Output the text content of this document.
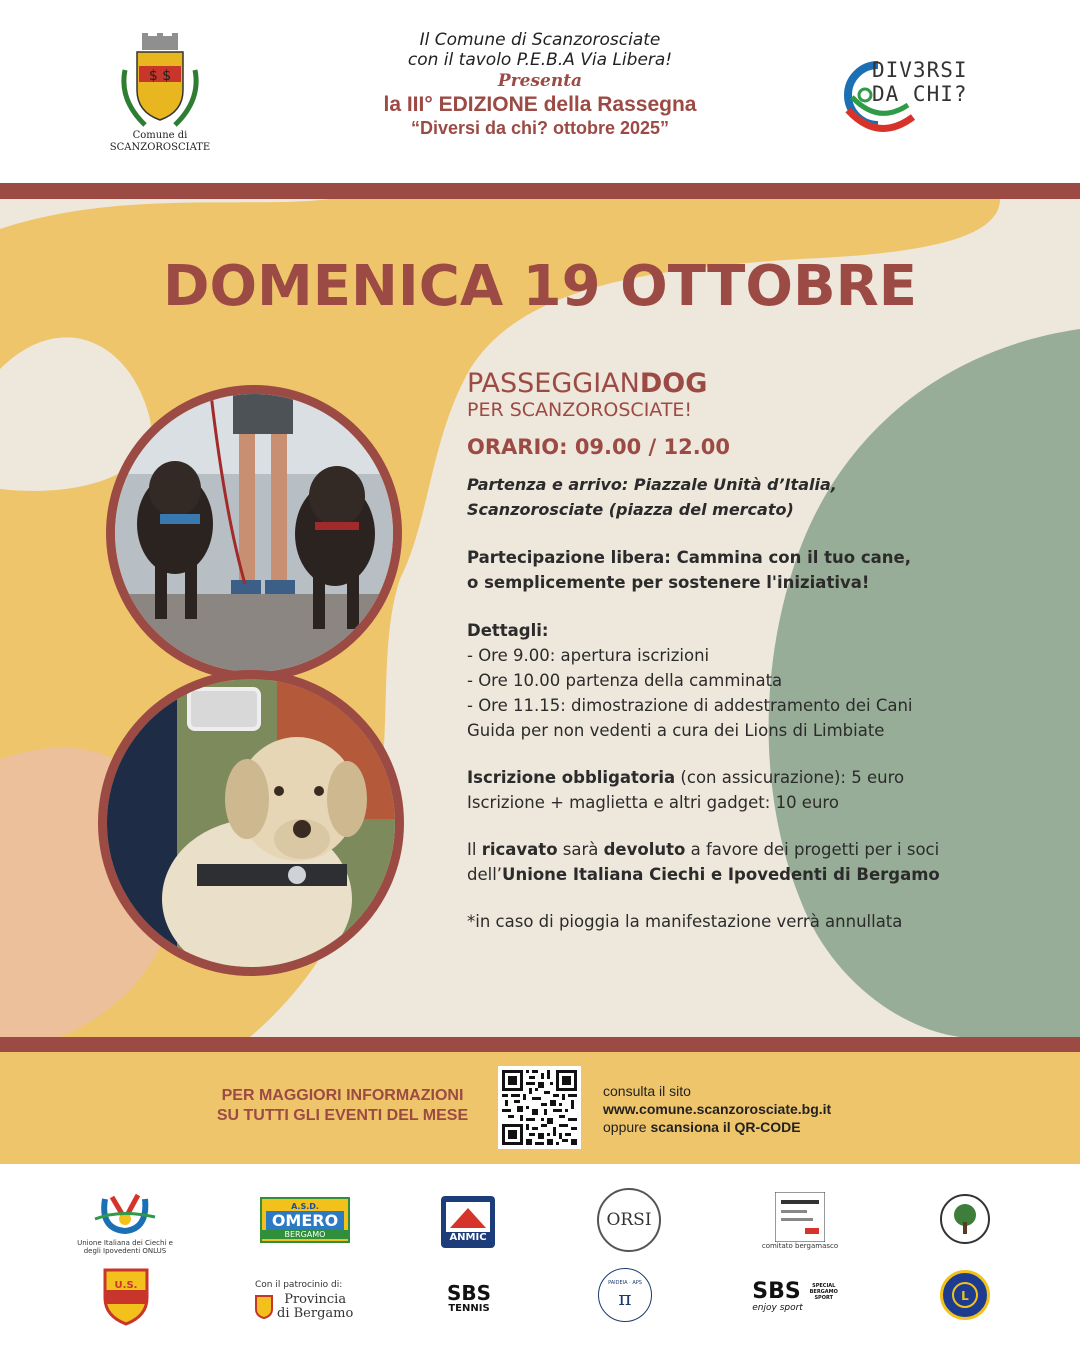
$ $
Comune di
SCANZOROSCIATE
Il Comune di Scanzorosciate
con il tavolo P.E.B.A Via Libera!
Presenta
la III° EDIZIONE della Rassegna
“Diversi da chi? ottobre 2025”
DIV3RSI
DA CHI?
DOMENICA 19 OTTOBRE
PASSEGGIANDOG
PER SCANZOROSCIATE!
ORARIO: 09.00 / 12.00
Partenza e arrivo: Piazzale Unità d’Italia,
Scanzorosciate (piazza del mercato)
Partecipazione libera: Cammina con il tuo cane,
o semplicemente per sostenere l'iniziativa!
Dettagli:
- Ore 9.00: apertura iscrizioni
- Ore 10.00 partenza della camminata
- Ore 11.15: dimostrazione di addestramento dei Cani
Guida per non vedenti a cura dei Lions di Limbiate
Iscrizione obbligatoria (con assicurazione): 5 euro
Iscrizione + maglietta e altri gadget: 10 euro
Il ricavato sarà devoluto a favore dei progetti per i soci
dell’Unione Italiana Ciechi e Ipovedenti di Bergamo
*in caso di pioggia la manifestazione verrà annullata
PER MAGGIORI INFORMAZIONI
SU TUTTI GLI EVENTI DEL MESE
consulta il sito
www.comune.scanzorosciate.bg.it
oppure scansiona il QR-CODE
Unione Italiana dei Ciechi e degli Ipovedenti ONLUS
A.S.D.
OMERO
BERGAMO	ANMIC
ORSI
comitato bergamasco
U.S.	Con il patrocinio di:
Provincia
di Bergamo
SBS
TENNIS
PAIDEIA · APS
π	SBS	SPECIAL BERGAMO SPORT
enjoy sport
L
